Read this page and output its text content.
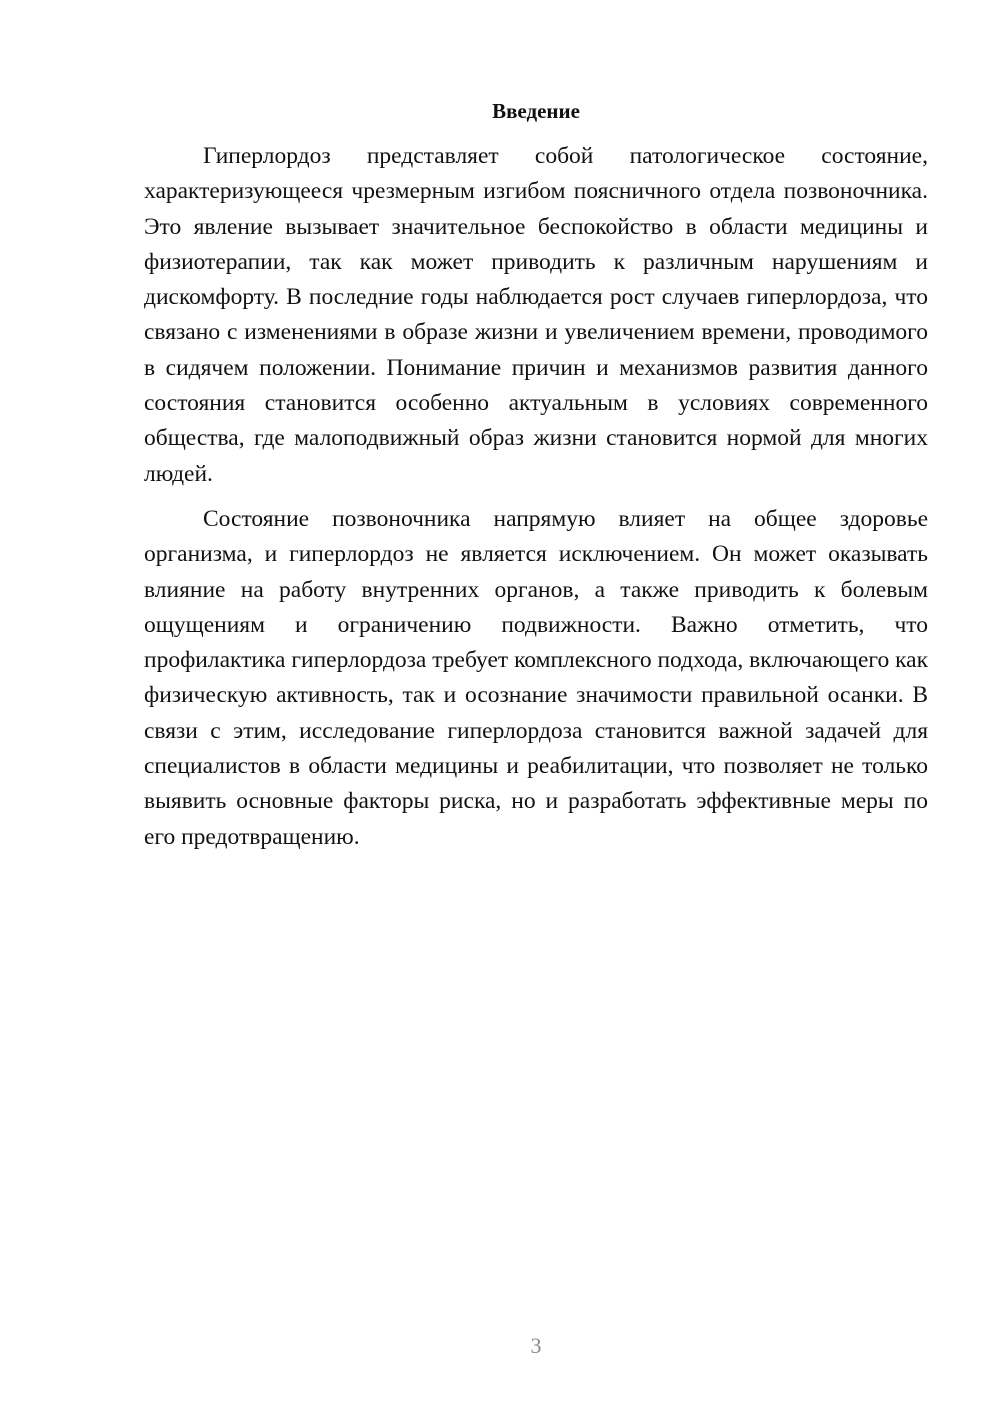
Введение

Гиперлордоз представляет собой патологическое состояние, характеризующееся чрезмерным изгибом поясничного отдела позвоночника. Это явление вызывает значительное беспокойство в области медицины и физиотерапии, так как может приводить к различным нарушениям и дискомфорту. В последние годы наблюдается рост случаев гиперлордоза, что связано с изменениями в образе жизни и увеличением времени, проводимого в сидячем положении. Понимание причин и механизмов развития данного состояния становится особенно актуальным в условиях современного общества, где малоподвижный образ жизни становится нормой для многих людей.

Состояние позвоночника напрямую влияет на общее здоровье организма, и гиперлордоз не является исключением. Он может оказывать влияние на работу внутренних органов, а также приводить к болевым ощущениям и ограничению подвижности. Важно отметить, что профилактика гиперлордоза требует комплексного подхода, включающего как физическую активность, так и осознание значимости правильной осанки. В связи с этим, исследование гиперлордоза становится важной задачей для специалистов в области медицины и реабилитации, что позволяет не только выявить основные факторы риска, но и разработать эффективные меры по его предотвращению.

3
